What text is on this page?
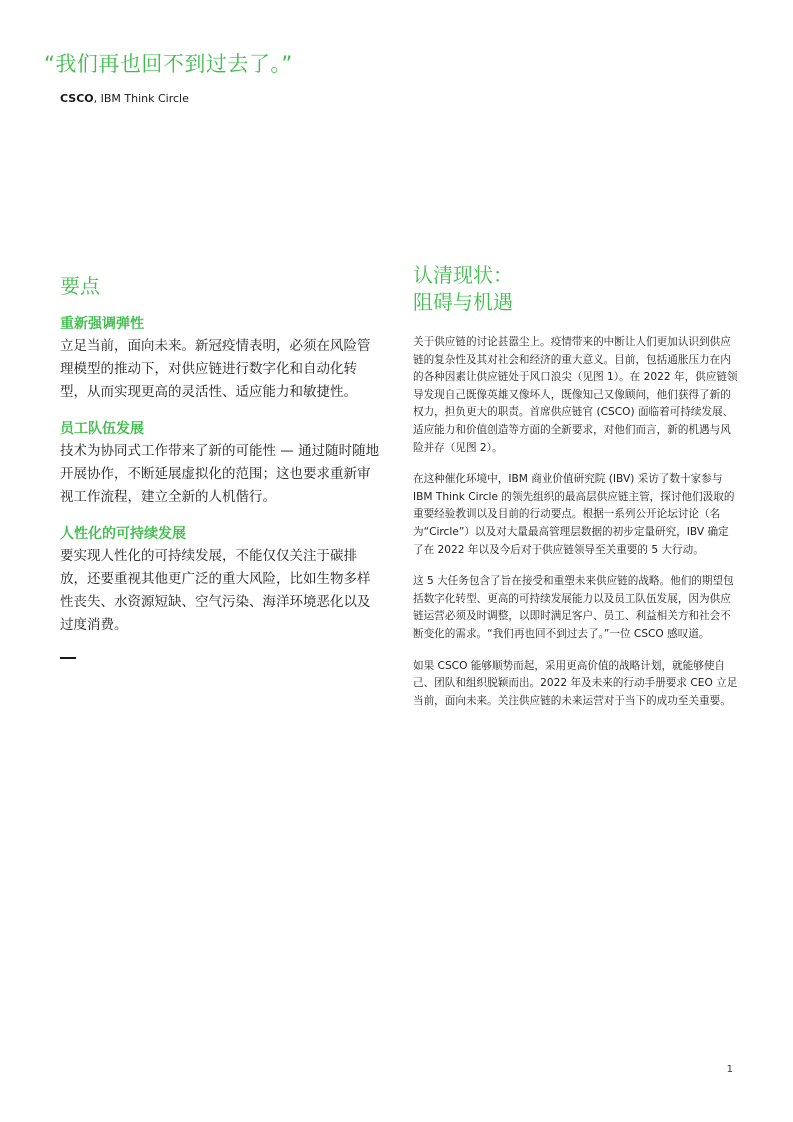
“我们再也回不到过去了。”
CSCO, IBM Think Circle
要点
重新强调弹性

立足当前，面向未来。新冠疫情表明，必须在风险管理模型的推动下，对供应链进行数字化和自动化转型，从而实现更高的灵活性、适应能力和敏捷性。

员工队伍发展

技术为协同式工作带来了新的可能性 — 通过随时随地开展协作，不断延展虚拟化的范围；这也要求重新审视工作流程，建立全新的人机偕行。

人性化的可持续发展

要实现人性化的可持续发展，不能仅仅关注于碳排放，还要重视其他更广泛的重大风险，比如生物多样性丧失、水资源短缺、空气污染、海洋环境恶化以及过度消费。

认清现状：
阻碍与机遇

关于供应链的讨论甚嚣尘上。疫情带来的中断让人们更加认识到供应链的复杂性及其对社会和经济的重大意义。目前，包括通胀压力在内的各种因素让供应链处于风口浪尖（见图 1）。在 2022 年，供应链领导发现自己既像英雄又像坏人，既像知己又像顾问，他们获得了新的权力，担负更大的职责。首席供应链官 (CSCO) 面临着可持续发展、适应能力和价值创造等方面的全新要求，对他们而言，新的机遇与风险并存（见图 2）。

在这种催化环境中，IBM 商业价值研究院 (IBV) 采访了数十家参与 IBM Think Circle 的领先组织的最高层供应链主管，探讨他们汲取的重要经验教训以及目前的行动要点。根据一系列公开论坛讨论（名为“Circle”）以及对大量最高管理层数据的初步定量研究，IBV 确定了在 2022 年以及今后对于供应链领导至关重要的 5 大行动。

这 5 大任务包含了旨在接受和重塑未来供应链的战略。他们的期望包括数字化转型、更高的可持续发展能力以及员工队伍发展，因为供应链运营必须及时调整，以即时满足客户、员工、利益相关方和社会不断变化的需求。“我们再也回不到过去了。”一位 CSCO 感叹道。

如果 CSCO 能够顺势而起，采用更高价值的战略计划，就能够使自己、团队和组织脱颖而出。2022 年及未来的行动手册要求 CEO 立足当前，面向未来。关注供应链的未来运营对于当下的成功至关重要。

1
